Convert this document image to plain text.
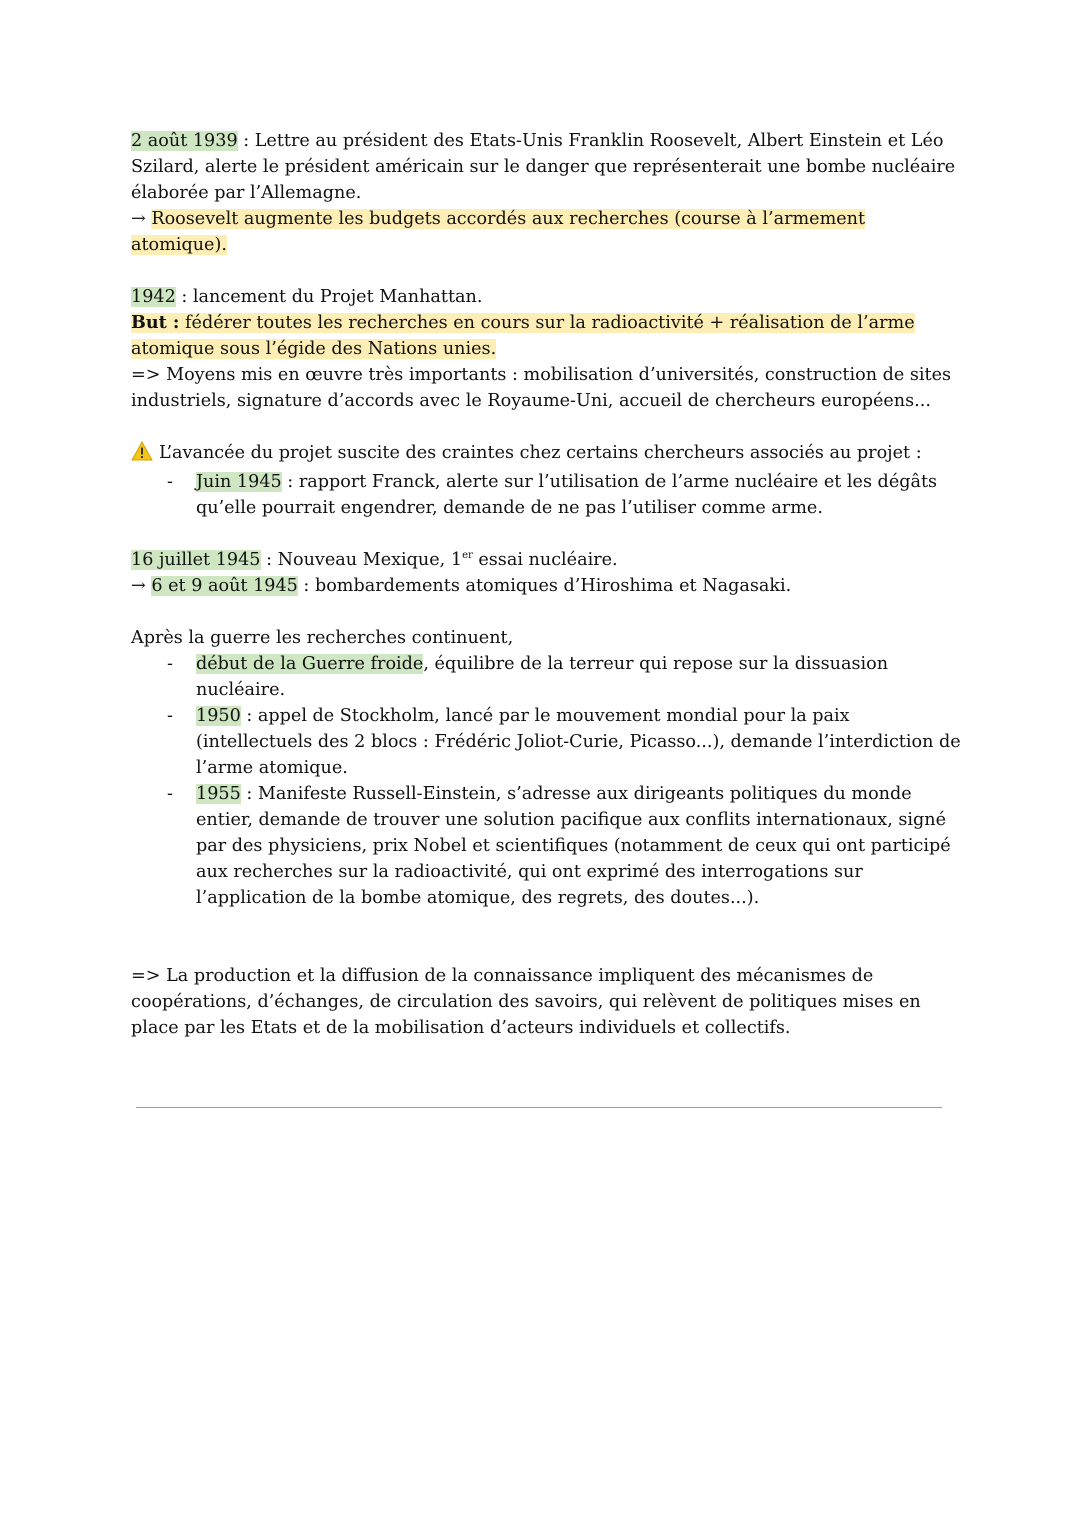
2 août 1939 : Lettre au président des Etats-Unis Franklin Roosevelt, Albert Einstein et Léo Szilard, alerte le président américain sur le danger que représenterait une bombe nucléaire élaborée par l’Allemagne.

→ Roosevelt augmente les budgets accordés aux recherches (course à l’armement atomique).

1942 : lancement du Projet Manhattan.

But : fédérer toutes les recherches en cours sur la radioactivité + réalisation de l’arme atomique sous l’égide des Nations unies.

=> Moyens mis en œuvre très importants : mobilisation d’universités, construction de sites industriels, signature d’accords avec le Royaume-Uni, accueil de chercheurs européens...

L’avancée du projet suscite des craintes chez certains chercheurs associés au projet :

- Juin 1945 : rapport Franck, alerte sur l’utilisation de l’arme nucléaire et les dégâts qu’elle pourrait engendrer, demande de ne pas l’utiliser comme arme.

16 juillet 1945 : Nouveau Mexique, 1er essai nucléaire.

→ 6 et 9 août 1945 : bombardements atomiques d’Hiroshima et Nagasaki.

Après la guerre les recherches continuent,

- début de la Guerre froide, équilibre de la terreur qui repose sur la dissuasion nucléaire.
- 1950 : appel de Stockholm, lancé par le mouvement mondial pour la paix (intellectuels des 2 blocs : Frédéric Joliot-Curie, Picasso...), demande l’interdiction de l’arme atomique.
- 1955 : Manifeste Russell-Einstein, s’adresse aux dirigeants politiques du monde entier, demande de trouver une solution pacifique aux conflits internationaux, signé par des physiciens, prix Nobel et scientifiques (notamment de ceux qui ont participé aux recherches sur la radioactivité, qui ont exprimé des interrogations sur l’application de la bombe atomique, des regrets, des doutes...).

=> La production et la diffusion de la connaissance impliquent des mécanismes de coopérations, d’échanges, de circulation des savoirs, qui relèvent de politiques mises en place par les Etats et de la mobilisation d’acteurs individuels et collectifs.
